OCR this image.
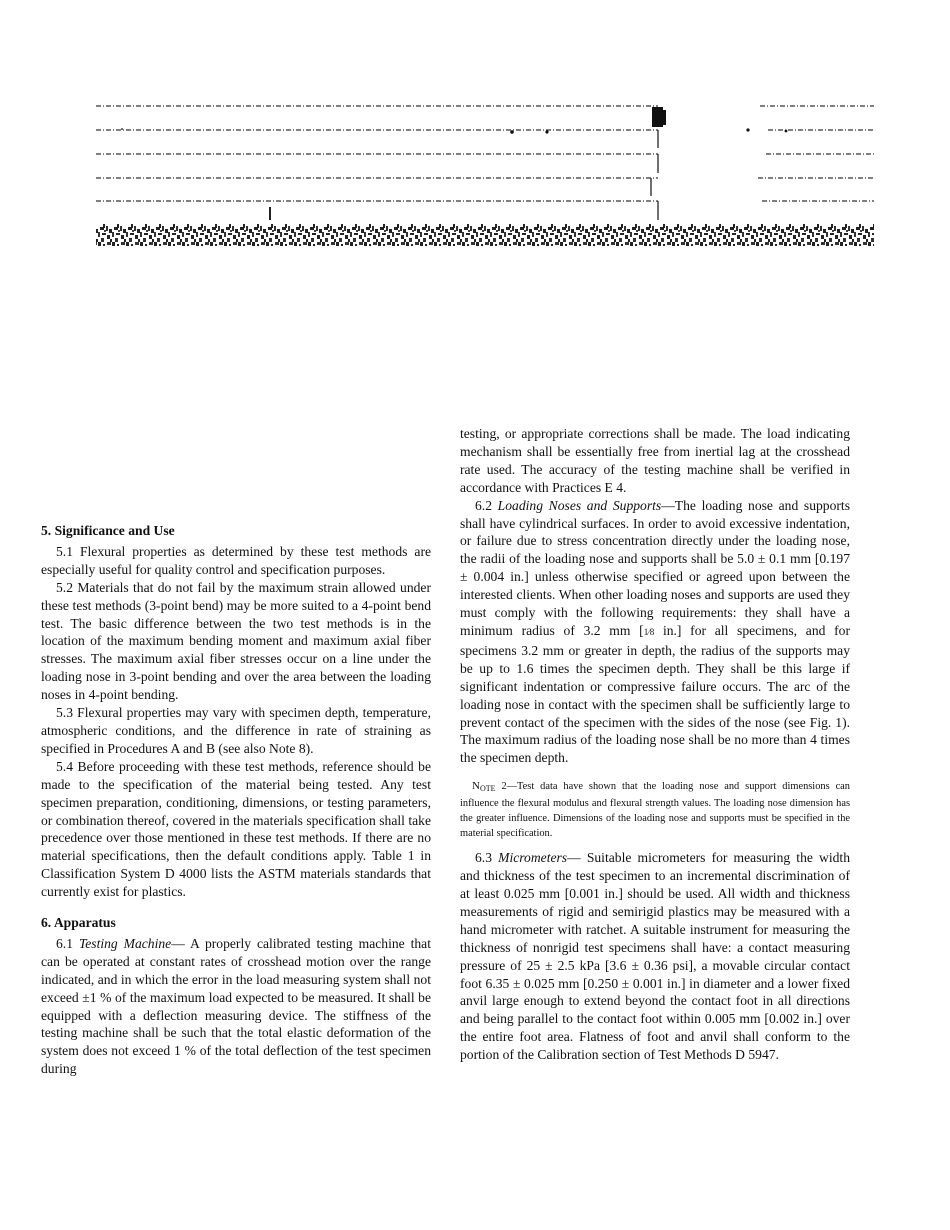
5. Significance and Use

5.1 Flexural properties as determined by these test methods are especially useful for quality control and specification purposes.

5.2 Materials that do not fail by the maximum strain allowed under these test methods (3-point bend) may be more suited to a 4-point bend test. The basic difference between the two test methods is in the location of the maximum bending moment and maximum axial fiber stresses. The maximum axial fiber stresses occur on a line under the loading nose in 3-point bending and over the area between the loading noses in 4-point bending.

5.3 Flexural properties may vary with specimen depth, temperature, atmospheric conditions, and the difference in rate of straining as specified in Procedures A and B (see also Note 8).

5.4 Before proceeding with these test methods, reference should be made to the specification of the material being tested. Any test specimen preparation, conditioning, dimensions, or testing parameters, or combination thereof, covered in the materials specification shall take precedence over those mentioned in these test methods. If there are no material specifications, then the default conditions apply. Table 1 in Classification System D 4000 lists the ASTM materials standards that currently exist for plastics.

6. Apparatus

6.1 Testing Machine— A properly calibrated testing machine that can be operated at constant rates of crosshead motion over the range indicated, and in which the error in the load measuring system shall not exceed ±1 % of the maximum load expected to be measured. It shall be equipped with a deflection measuring device. The stiffness of the testing machine shall be such that the total elastic deformation of the system does not exceed 1 % of the total deflection of the test specimen during

testing, or appropriate corrections shall be made. The load indicating mechanism shall be essentially free from inertial lag at the crosshead rate used. The accuracy of the testing machine shall be verified in accordance with Practices E 4.

6.2 Loading Noses and Supports—The loading nose and supports shall have cylindrical surfaces. In order to avoid excessive indentation, or failure due to stress concentration directly under the loading nose, the radii of the loading nose and supports shall be 5.0 ± 0.1 mm [0.197 ± 0.004 in.] unless otherwise specified or agreed upon between the interested clients. When other loading noses and supports are used they must comply with the following requirements: they shall have a minimum radius of 3.2 mm [1⁄8 in.] for all specimens, and for specimens 3.2 mm or greater in depth, the radius of the supports may be up to 1.6 times the specimen depth. They shall be this large if significant indentation or compressive failure occurs. The arc of the loading nose in contact with the specimen shall be sufficiently large to prevent contact of the specimen with the sides of the nose (see Fig. 1). The maximum radius of the loading nose shall be no more than 4 times the specimen depth.

NOTE 2—Test data have shown that the loading nose and support dimensions can influence the flexural modulus and flexural strength values. The loading nose dimension has the greater influence. Dimensions of the loading nose and supports must be specified in the material specification.

6.3 Micrometers— Suitable micrometers for measuring the width and thickness of the test specimen to an incremental discrimination of at least 0.025 mm [0.001 in.] should be used. All width and thickness measurements of rigid and semirigid plastics may be measured with a hand micrometer with ratchet. A suitable instrument for measuring the thickness of nonrigid test specimens shall have: a contact measuring pressure of 25 ± 2.5 kPa [3.6 ± 0.36 psi], a movable circular contact foot 6.35 ± 0.025 mm [0.250 ± 0.001 in.] in diameter and a lower fixed anvil large enough to extend beyond the contact foot in all directions and being parallel to the contact foot within 0.005 mm [0.002 in.] over the entire foot area. Flatness of foot and anvil shall conform to the portion of the Calibration section of Test Methods D 5947.
